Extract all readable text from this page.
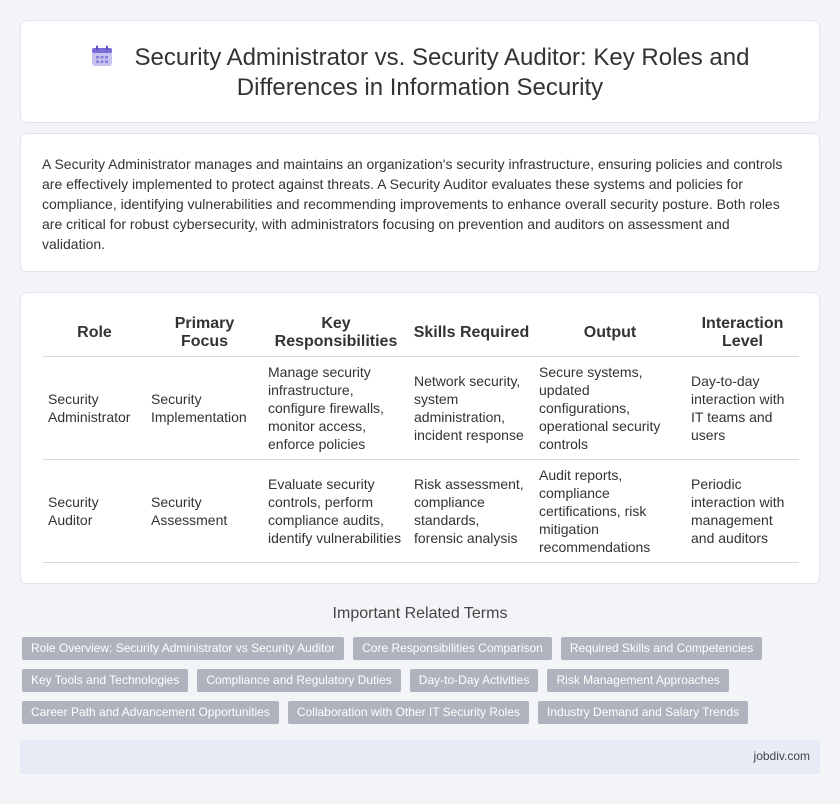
Security Administrator vs. Security Auditor: Key Roles and
Differences in Information Security

A Security Administrator manages and maintains an organization's security infrastructure, ensuring policies and controls are effectively implemented to protect against threats. A Security Auditor evaluates these systems and policies for compliance, identifying vulnerabilities and recommending improvements to enhance overall security posture. Both roles are critical for robust cybersecurity, with administrators focusing on prevention and auditors on assessment and validation.

Role	Primary Focus	Key Responsibilities	Skills Required	Output	Interaction Level
Security Administrator	Security Implementation	Manage security infrastructure, configure firewalls, monitor access, enforce policies	Network security, system administration, incident response	Secure systems, updated configurations, operational security controls	Day-to-day interaction with IT teams and users
Security Auditor	Security Assessment	Evaluate security controls, perform compliance audits, identify vulnerabilities	Risk assessment, compliance standards, forensic analysis	Audit reports, compliance certifications, risk mitigation recommendations	Periodic interaction with management and auditors
Important Related Terms
Role Overview: Security Administrator vs Security Auditor	Core Responsibilities Comparison	Required Skills and Competencies
Key Tools and Technologies	Compliance and Regulatory Duties	Day-to-Day Activities	Risk Management Approaches
Career Path and Advancement Opportunities	Collaboration with Other IT Security Roles	Industry Demand and Salary Trends
jobdiv.com
